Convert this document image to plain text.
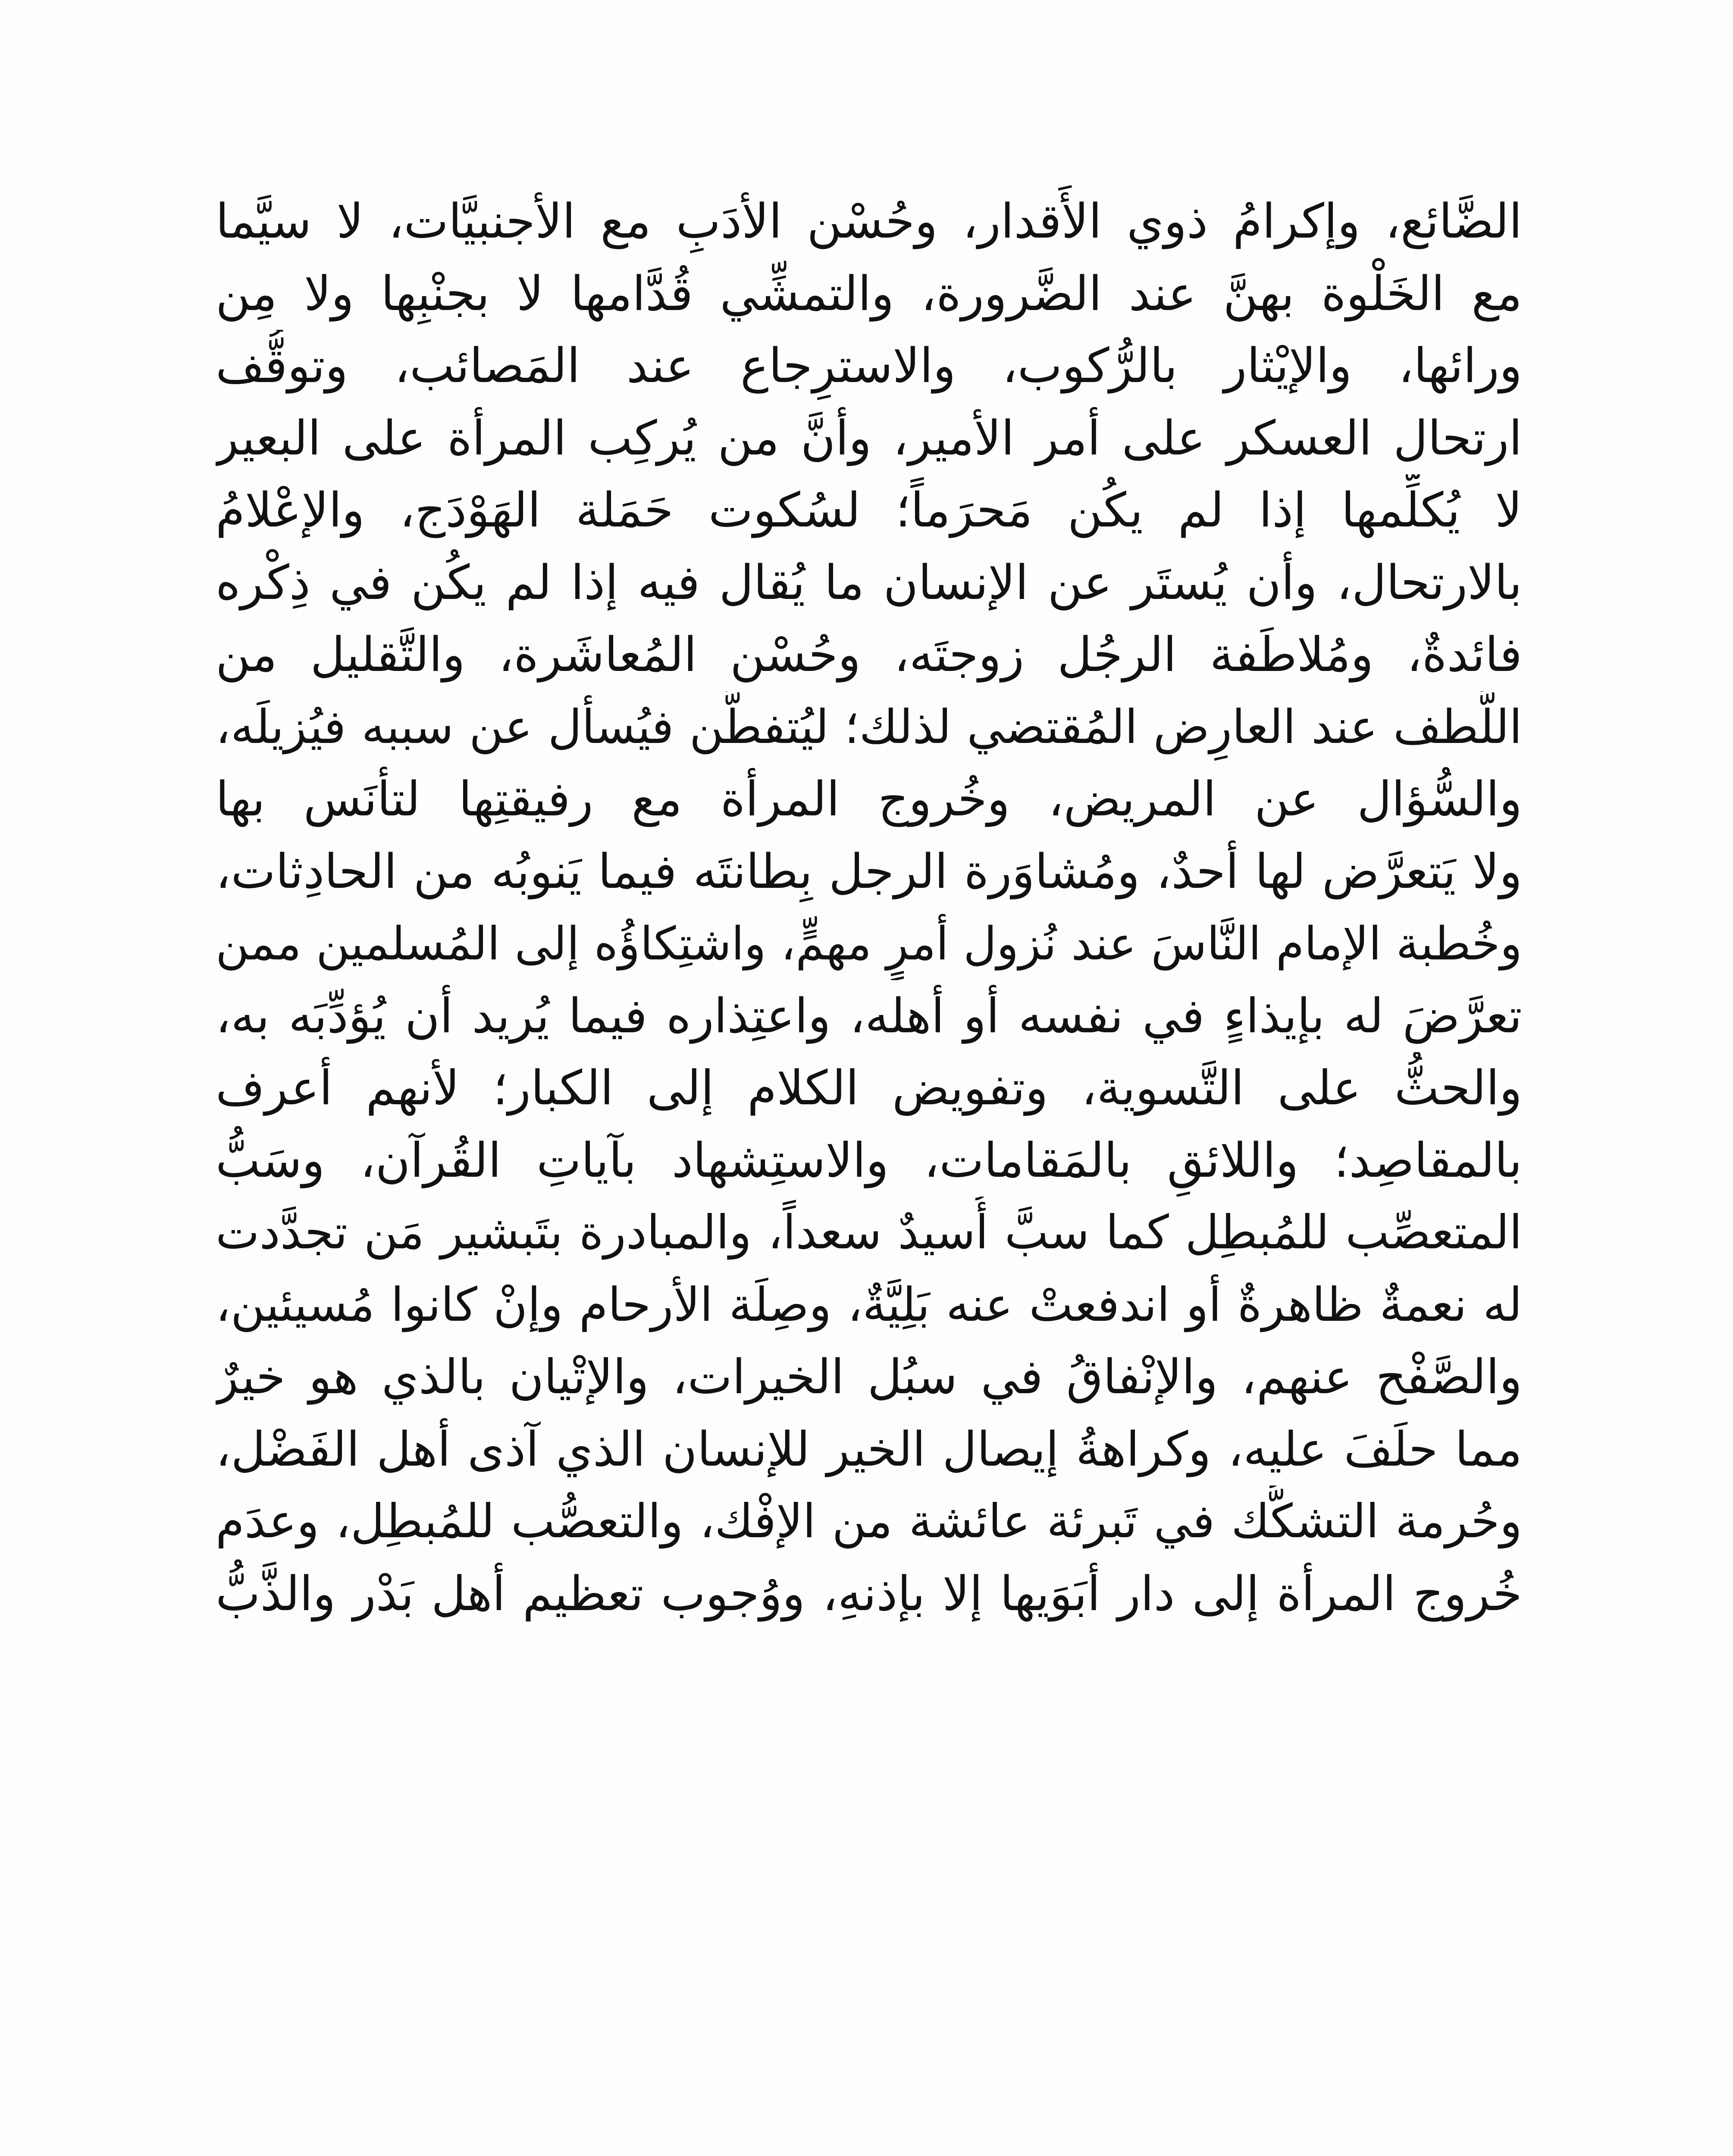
الضَّائع، وإكرامُ ذوي الأَقدار، وحُسْن الأدَبِ مع الأجنبيَّات، لا سيَّما
مع الخَلْوة بهنَّ عند الضَّرورة، والتمشِّي قُدَّامها لا بجنْبِها ولا مِن
ورائها، والإيْثار بالرُّكوب، والاسترِجاع عند المَصائب، وتوقُّف
ارتحال العسكر على أمر الأمير، وأنَّ من يُركِب المرأة على البعير
لا يُكلِّمها إذا لم يكُن مَحرَماً؛ لسُكوت حَمَلة الهَوْدَج، والإعْلامُ
بالارتحال، وأن يُستَر عن الإنسان ما يُقال فيه إذا لم يكُن في ذِكْره
فائدةٌ، ومُلاطَفة الرجُل زوجتَه، وحُسْن المُعاشَرة، والتَّقليل من
اللُّطف عند العارِض المُقتضي لذلك؛ ليُتفطَّن فيُسأل عن سببه فيُزيلَه،
والسُّؤال عن المريض، وخُروج المرأة مع رفيقتِها لتأنَس بها
ولا يَتعرَّض لها أحدٌ، ومُشاوَرة الرجل بِطانتَه فيما يَنوبُه من الحادِثات،
وخُطبة الإمام النَّاسَ عند نُزول أمرٍ مهمٍّ، واشتِكاؤُه إلى المُسلمين ممن
تعرَّضَ له بإيذاءٍ في نفسه أو أهله، واعتِذاره فيما يُريد أن يُؤدِّبَه به،
والحثُّ على التَّسوية، وتفويض الكلام إلى الكبار؛ لأنهم أعرف
بالمقاصِد؛ واللائقِ بالمَقامات، والاستِشهاد بآياتِ القُرآن، وسَبُّ
المتعصِّب للمُبطِل كما سبَّ أُسيدٌ سعداً، والمبادرة بتَبشير مَن تجدَّدت
له نعمةٌ ظاهرةٌ أو اندفعتْ عنه بَلِيَّةٌ، وصِلَة الأرحام وإنْ كانوا مُسيئين،
والصَّفْح عنهم، والإنْفاقُ في سبُل الخيرات، والإتْيان بالذي هو خيرٌ
مما حلَفَ عليه، وكراهةُ إيصال الخير للإنسان الذي آذى أهل الفَضْل،
وحُرمة التشكُّك في تَبرئة عائشة من الإفْك، والتعصُّب للمُبطِل، وعدَم
خُروج المرأة إلى دار أبَوَيها إلا بإذنهِ، ووُجوب تعظيم أهل بَدْر والذَّبُّ
